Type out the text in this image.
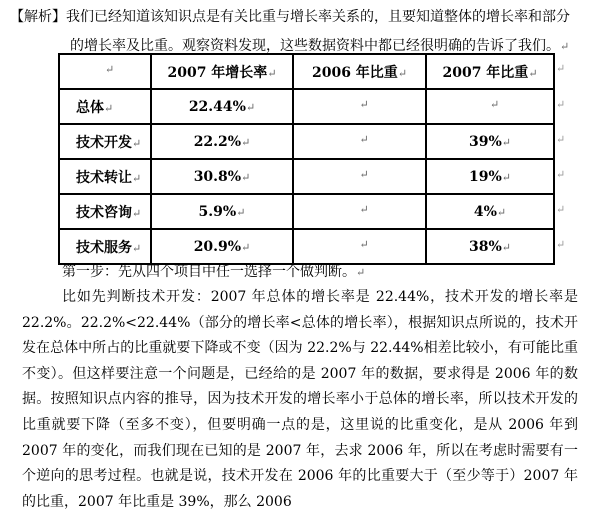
【解析】我们已经知道该知识点是有关比重与增长率关系的，且要知道整体的增长率和部分

的增长率及比重。观察资料发现，这些数据资料中都已经很明确的告诉了我们。↵
↵	2007 年增长率↵	2006 年比重↵	2007 年比重↵
总体↵	22.44%↵	↵	↵

技术开发↵	22.2%↵	↵	39%↵
技术转让↵	30.8%↵	↵	19%↵
技术咨询↵	5.9%↵	↵	4%↵
技术服务↵	20.9%↵	↵	38%↵
↵
↵
↵
↵
↵
↵
第一步：先从四个项目中任一选择一个做判断。↵
比如先判断技术开发：2007 年总体的增长率是 22.44%，技术开发的增长率是 22.2%。22.2%<22.44%（部分的增长率<总体的增长率），根据知识点所说的，技术开发在总体中所占的比重就要下降或不变（因为 22.2%与 22.44%相差比较小，有可能比重不变）。但这样要注意一个问题是，已经给的是 2007 年的数据，要求得是 2006 年的数据。按照知识点内容的推导，因为技术开发的增长率小于总体的增长率，所以技术开发的比重就要下降（至多不变），但要明确一点的是，这里说的比重变化，是从 2006 年到 2007 年的变化，而我们现在已知的是 2007 年，去求 2006 年，所以在考虑时需要有一个逆向的思考过程。也就是说，技术开发在 2006 年的比重要大于（至少等于）2007 年的比重，2007 年比重是 39%，那么 2006
